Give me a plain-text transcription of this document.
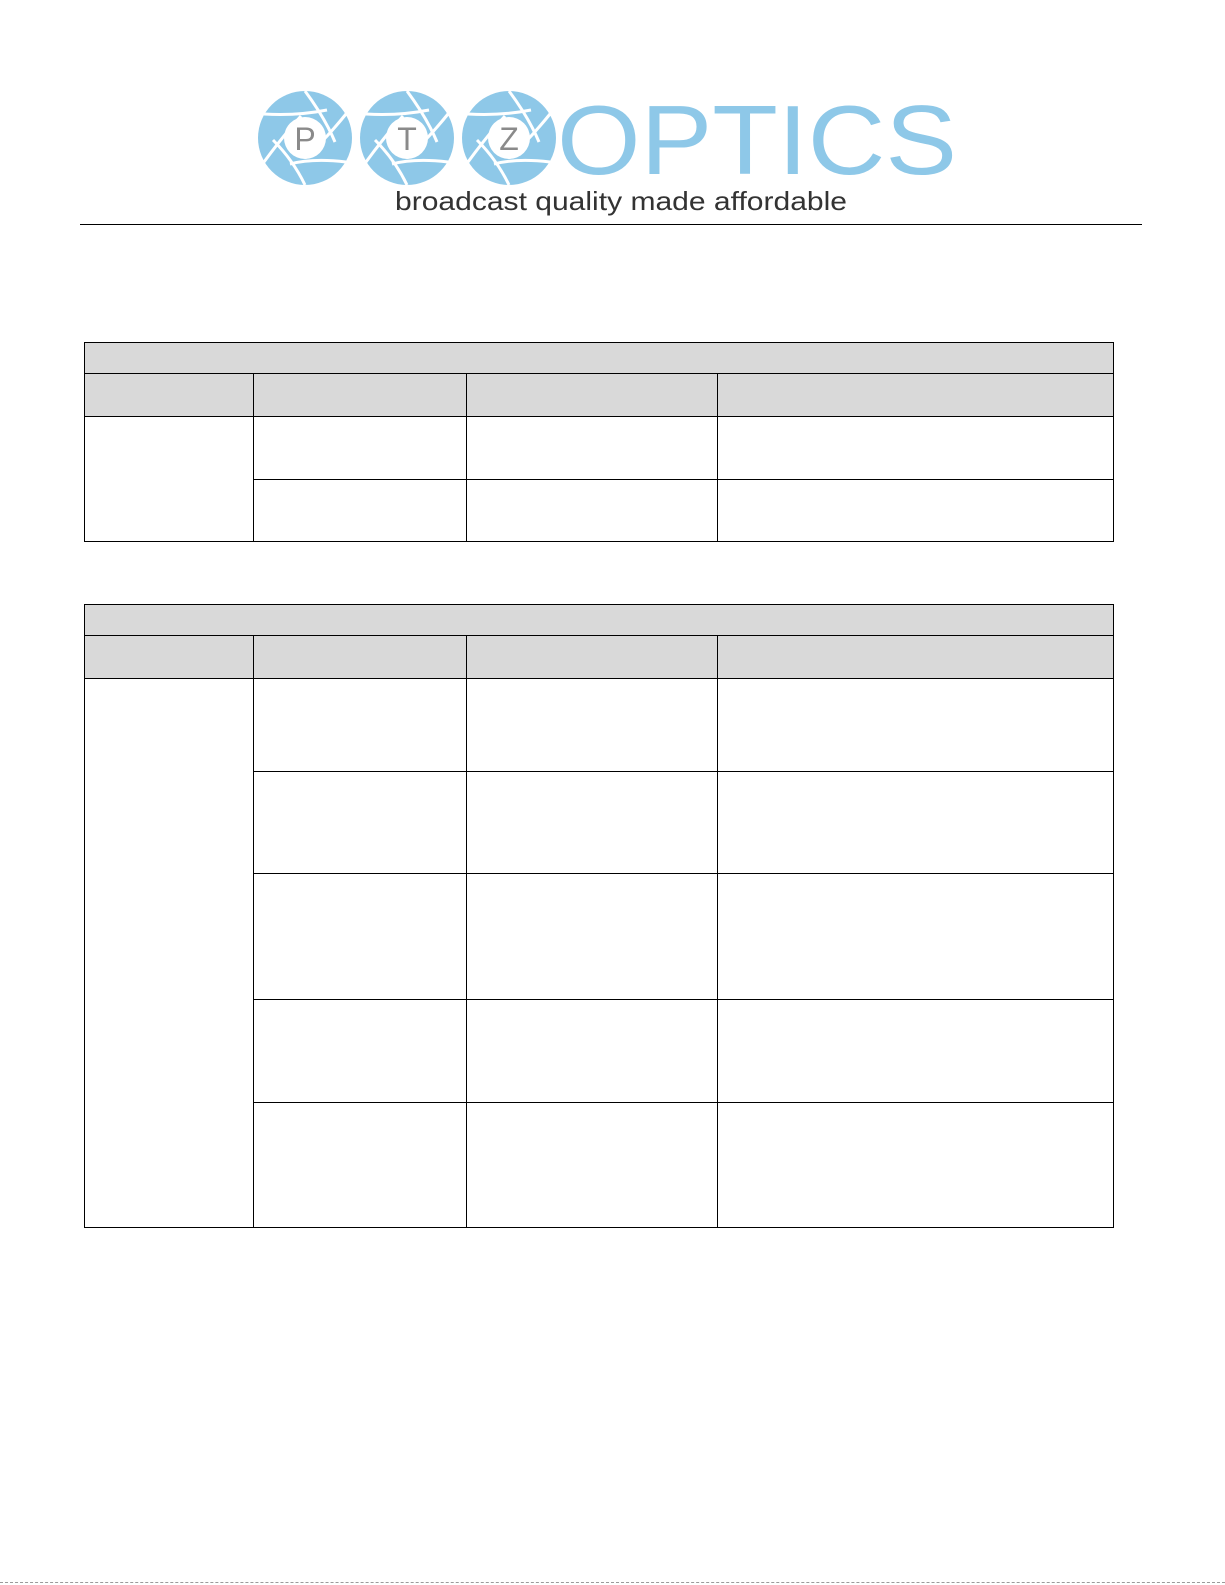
P	T	Z OPTICS
broadcast quality made affordable
